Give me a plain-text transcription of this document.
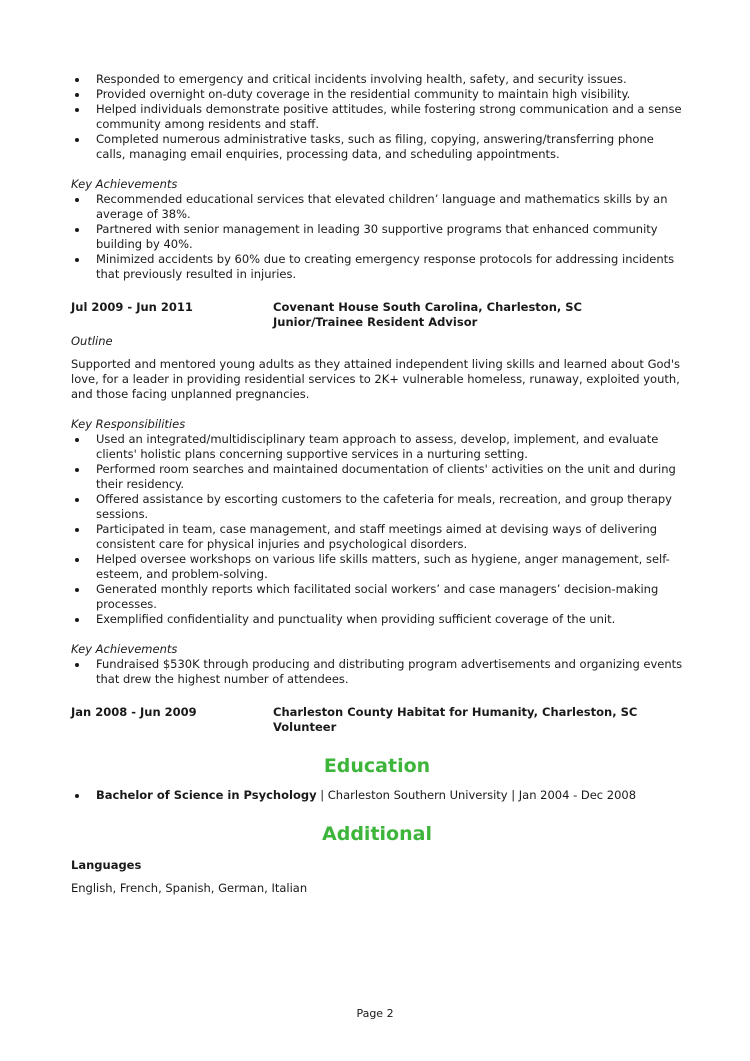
Responded to emergency and critical incidents involving health, safety, and security issues.
Provided overnight on-duty coverage in the residential community to maintain high visibility.
Helped individuals demonstrate positive attitudes, while fostering strong communication and a sense community among residents and staff.
Completed numerous administrative tasks, such as filing, copying, answering/transferring phone calls, managing email enquiries, processing data, and scheduling appointments.
Key Achievements
Recommended educational services that elevated children’ language and mathematics skills by an average of 38%.
Partnered with senior management in leading 30 supportive programs that enhanced community building by 40%.
Minimized accidents by 60% due to creating emergency response protocols for addressing incidents that previously resulted in injuries.
Jul 2009 - Jun 2011	Covenant House South Carolina, Charleston, SC
Junior/Trainee Resident Advisor
Outline
Supported and mentored young adults as they attained independent living skills and learned about God's love, for a leader in providing residential services to 2K+ vulnerable homeless, runaway, exploited youth, and those facing unplanned pregnancies.
Key Responsibilities
Used an integrated/multidisciplinary team approach to assess, develop, implement, and evaluate clients' holistic plans concerning supportive services in a nurturing setting.
Performed room searches and maintained documentation of clients' activities on the unit and during their residency.
Offered assistance by escorting customers to the cafeteria for meals, recreation, and group therapy sessions.
Participated in team, case management, and staff meetings aimed at devising ways of delivering consistent care for physical injuries and psychological disorders.
Helped oversee workshops on various life skills matters, such as hygiene, anger management, self-esteem, and problem-solving.
Generated monthly reports which facilitated social workers’ and case managers’ decision-making processes.
Exemplified confidentiality and punctuality when providing sufficient coverage of the unit.
Key Achievements
Fundraised $530K through producing and distributing program advertisements and organizing events that drew the highest number of attendees.
Jan 2008 - Jun 2009	Charleston County Habitat for Humanity, Charleston, SC
Volunteer
Education
Bachelor of Science in Psychology | Charleston Southern University | Jan 2004 - Dec 2008
Additional
Languages
English, French, Spanish, German, Italian
Page 2
